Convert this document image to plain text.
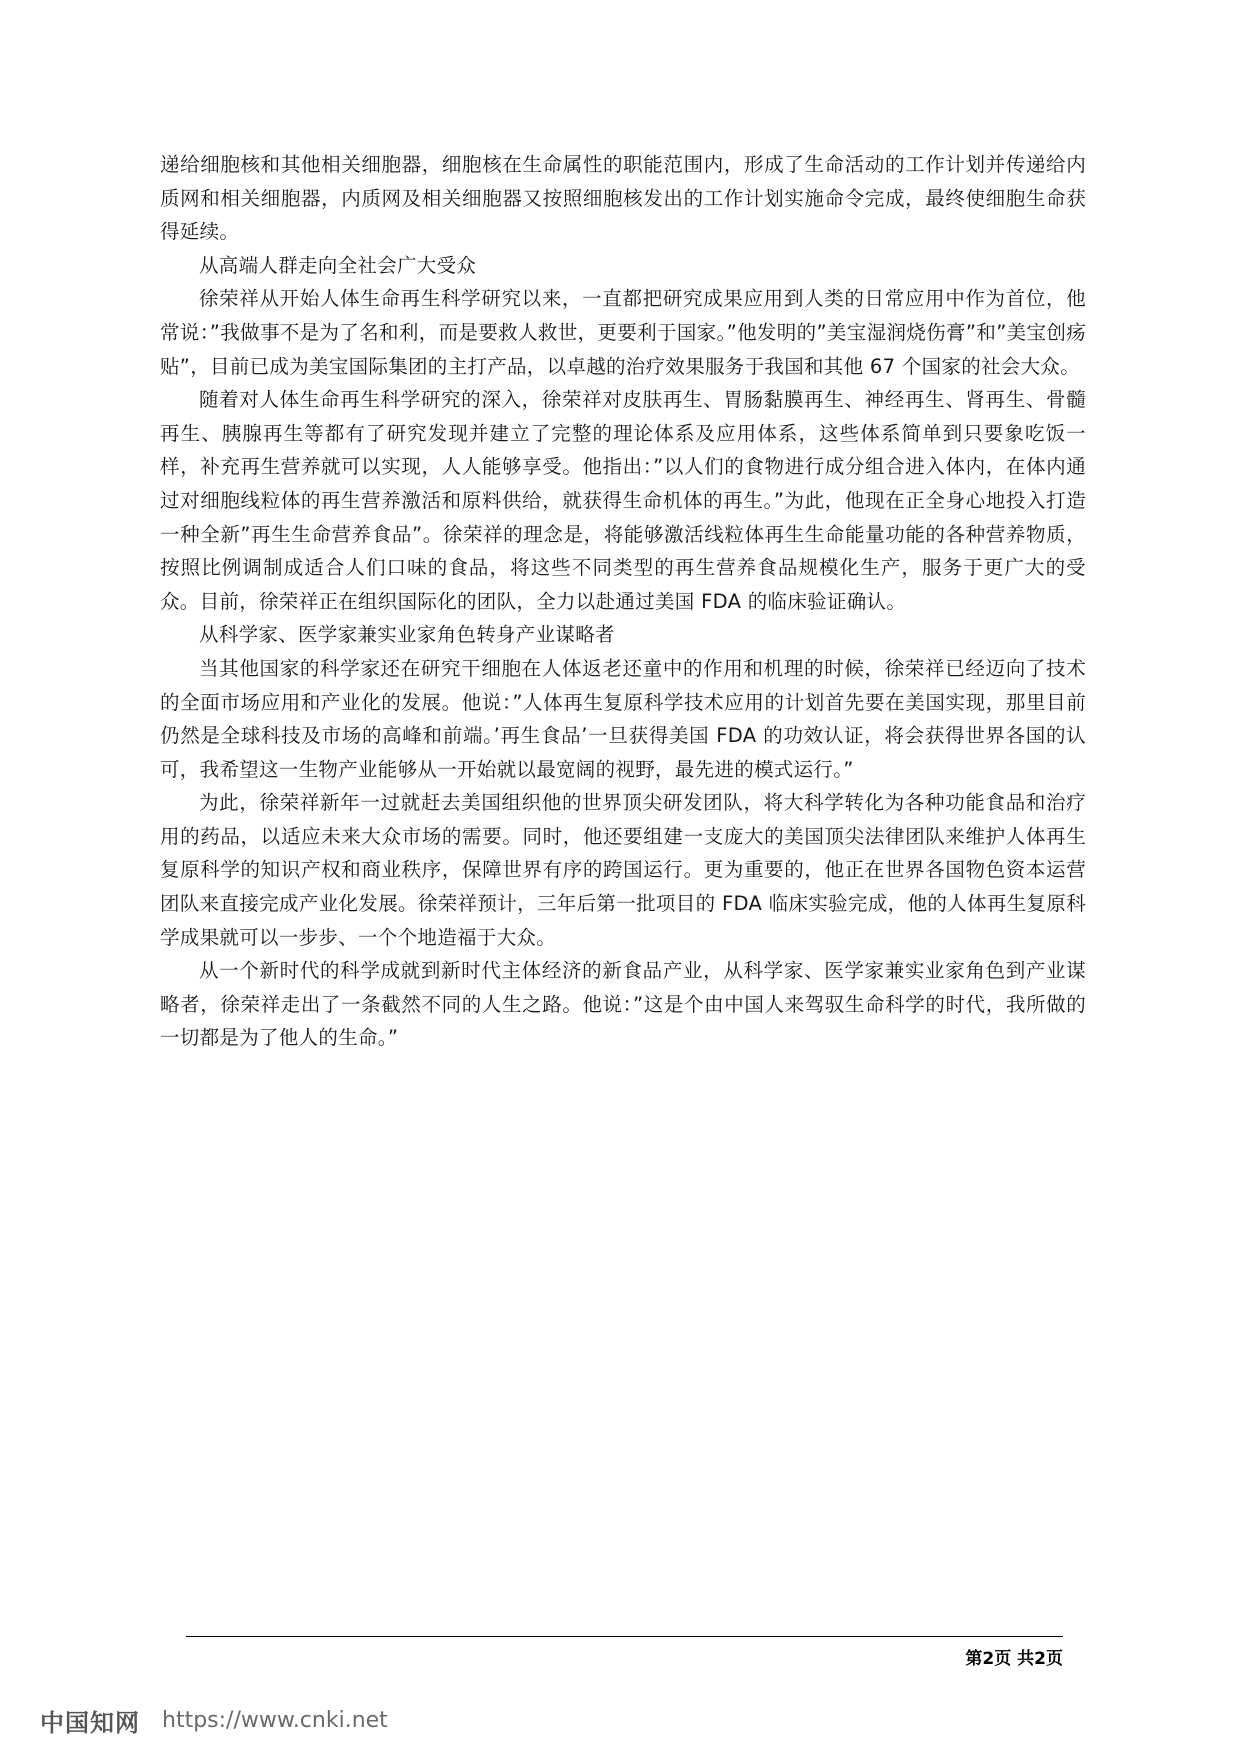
递给细胞核和其他相关细胞器，细胞核在生命属性的职能范围内，形成了生命活动的工作计划并传递给内质网和相关细胞器，内质网及相关细胞器又按照细胞核发出的工作计划实施命令完成，最终使细胞生命获得延续。

从高端人群走向全社会广大受众

徐荣祥从开始人体生命再生科学研究以来，一直都把研究成果应用到人类的日常应用中作为首位，他常说：”我做事不是为了名和利，而是要救人救世，更要利于国家。”他发明的”美宝湿润烧伤膏”和”美宝创疡贴”，目前已成为美宝国际集团的主打产品，以卓越的治疗效果服务于我国和其他 67 个国家的社会大众。

随着对人体生命再生科学研究的深入，徐荣祥对皮肤再生、胃肠黏膜再生、神经再生、肾再生、骨髓再生、胰腺再生等都有了研究发现并建立了完整的理论体系及应用体系，这些体系简单到只要象吃饭一样，补充再生营养就可以实现，人人能够享受。他指出：”以人们的食物进行成分组合进入体内，在体内通过对细胞线粒体的再生营养激活和原料供给，就获得生命机体的再生。”为此，他现在正全身心地投入打造一种全新”再生生命营养食品”。徐荣祥的理念是，将能够激活线粒体再生生命能量功能的各种营养物质，按照比例调制成适合人们口味的食品，将这些不同类型的再生营养食品规模化生产，服务于更广大的受众。目前，徐荣祥正在组织国际化的团队，全力以赴通过美国 FDA 的临床验证确认。

从科学家、医学家兼实业家角色转身产业谋略者

当其他国家的科学家还在研究干细胞在人体返老还童中的作用和机理的时候，徐荣祥已经迈向了技术的全面市场应用和产业化的发展。他说：”人体再生复原科学技术应用的计划首先要在美国实现，那里目前仍然是全球科技及市场的高峰和前端。’再生食品’一旦获得美国 FDA 的功效认证，将会获得世界各国的认可，我希望这一生物产业能够从一开始就以最宽阔的视野，最先进的模式运行。”

为此，徐荣祥新年一过就赶去美国组织他的世界顶尖研发团队，将大科学转化为各种功能食品和治疗用的药品，以适应未来大众市场的需要。同时，他还要组建一支庞大的美国顶尖法律团队来维护人体再生复原科学的知识产权和商业秩序，保障世界有序的跨国运行。更为重要的，他正在世界各国物色资本运营团队来直接完成产业化发展。徐荣祥预计，三年后第一批项目的 FDA 临床实验完成，他的人体再生复原科学成果就可以一步步、一个个地造福于大众。

从一个新时代的科学成就到新时代主体经济的新食品产业，从科学家、医学家兼实业家角色到产业谋略者，徐荣祥走出了一条截然不同的人生之路。他说：”这是个由中国人来驾驭生命科学的时代，我所做的一切都是为了他人的生命。”

第2页 共2页
中国知网 https://www.cnki.net
